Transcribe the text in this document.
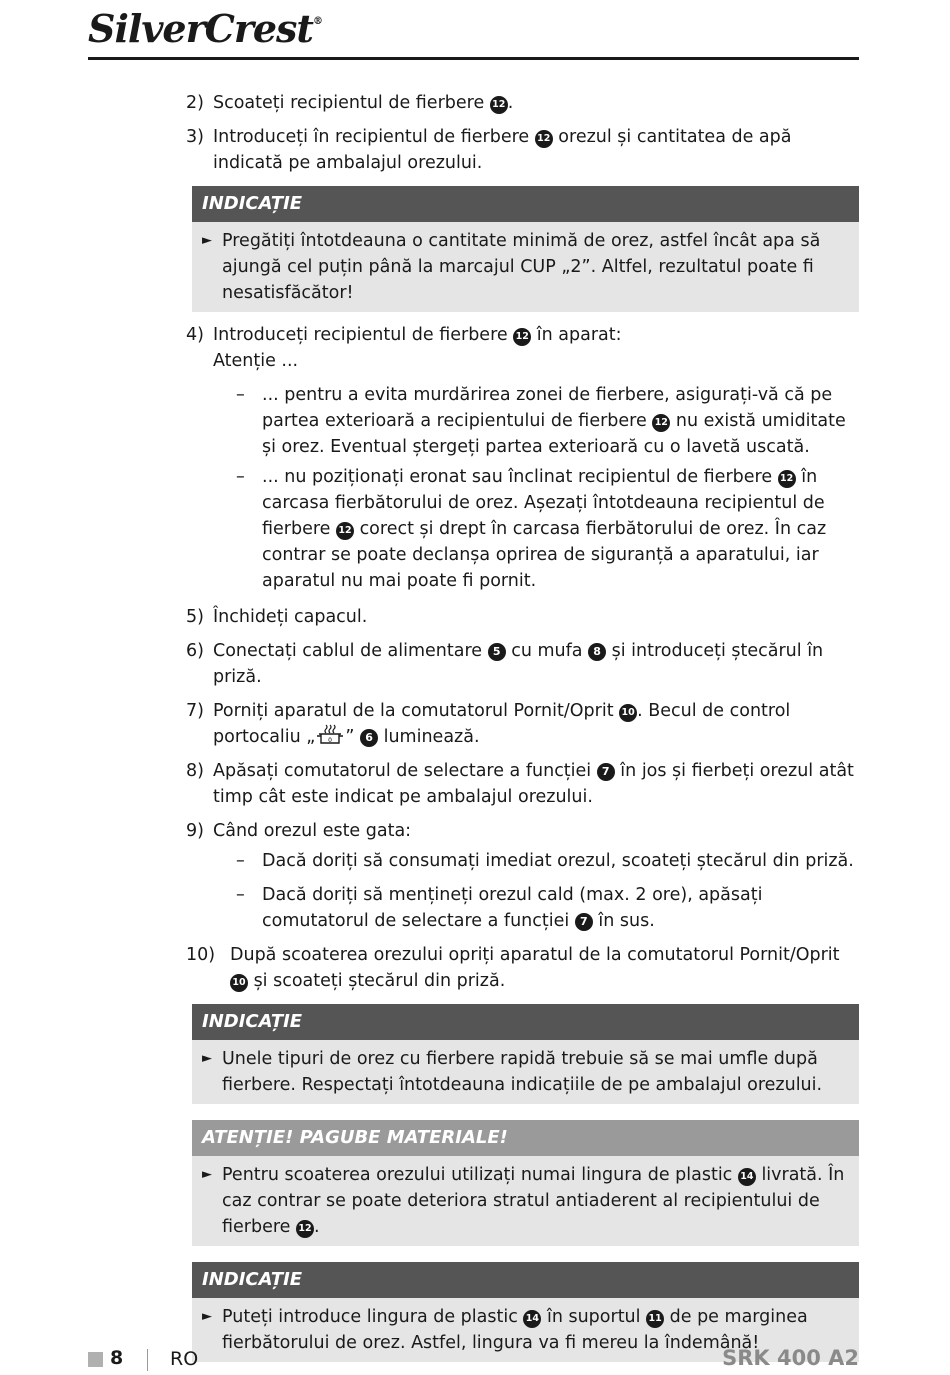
SilverCrest®
2) Scoateți recipientul de fierbere 12 .
3) Introduceți în recipientul de fierbere 12 orezul și cantitatea de apă indicată pe ambalajul orezului.
INDICAȚIE
► Pregătiți întotdeauna o cantitate minimă de orez, astfel încât apa să ajungă cel puțin până la marcajul CUP „2”. Altfel, rezultatul poate fi nesatisfăcător!
4) Introduceți recipientul de fierbere 12 în aparat:
Atenție ...
– ... pentru a evita murdărirea zonei de fierbere, asigurați-vă că pe partea exterioară a recipientului de fierbere 12 nu există umiditate și orez. Eventual ștergeți partea exterioară cu o lavetă uscată.
– ... nu poziționați eronat sau înclinat recipientul de fierbere 12 în carcasa fierbătorului de orez. Așezați întotdeauna recipientul de fierbere 12 corect și drept în carcasa fierbătorului de orez. În caz contrar se poate declanșa oprirea de siguranță a aparatului, iar aparatul nu mai poate fi pornit.
5) Închideți capacul.
6) Conectați cablul de alimentare 5 cu mufa 8 și introduceți ștecărul în priză.
7) Porniți aparatul de la comutatorul Pornit/Oprit 10 . Becul de control portocaliu „ 0 ” 6 luminează.
8) Apăsați comutatorul de selectare a funcției 7 în jos și fierbeți orezul atât timp cât este indicat pe ambalajul orezului.
9) Când orezul este gata:
– Dacă doriți să consumați imediat orezul, scoateți ștecărul din priză.
– Dacă doriți să mențineți orezul cald (max. 2 ore), apăsați comutatorul de selectare a funcției 7 în sus.
10) După scoaterea orezului opriți aparatul de la comutatorul Pornit/Oprit 10 și scoateți ștecărul din priză.
INDICAȚIE
► Unele tipuri de orez cu fierbere rapidă trebuie să se mai umfle după fierbere. Respectați întotdeauna indicațiile de pe ambalajul orezului.
ATENȚIE! PAGUBE MATERIALE!
► Pentru scoaterea orezului utilizați numai lingura de plastic 14 livrată. În caz contrar se poate deteriora stratul antiaderent al recipientului de fierbere 12 .
INDICAȚIE
► Puteți introduce lingura de plastic 14 în suportul 11 de pe marginea fierbătorului de orez. Astfel, lingura va fi mereu la îndemână!
8 RO	SRK 400 A2
